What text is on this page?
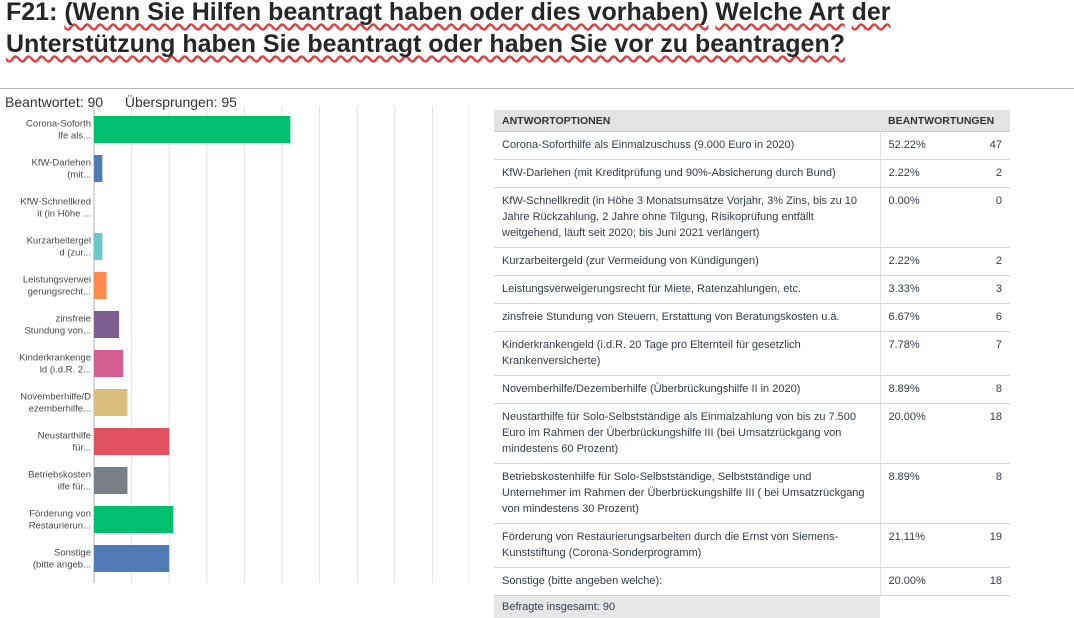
F21: (Wenn Sie Hilfen beantragt haben oder dies vorhaben) Welche Art der Unterstützung haben Sie beantragt oder haben Sie vor zu beantragen?
Beantwortet: 90 Übersprungen: 95
Corona-Soforth lfe als...
KfW-Darlehen (mit...
KfW-Schnellkred it (in Höhe ...
Kurzarbeitergel d (zur...
Leistungsverwei gerungsrecht...
zinsfreie Stundung von...
Kinderkrankenge ld (i.d.R. 2...
Novemberhilfe/D ezemberhilfe...
Neustarthilfe für...
Betriebskosten ilfe für...
Förderung von Restaurierun...
Sonstige (bitte angeb...
ANTWORTOPTIONEN	BEANTWORTUNGEN	
Corona-Soforthilfe als Einmalzuschuss (9.000 Euro in 2020)	52.22%	47
KfW-Darlehen (mit Kreditprüfung und 90%-Absicherung durch Bund)	2.22%	2
KfW-Schnellkredit (in Höhe 3 Monatsumsätze Vorjahr, 3% Zins, bis zu 10 Jahre Rückzahlung, 2 Jahre ohne Tilgung, Risikoprüfung entfällt weitgehend, läuft seit 2020; bis Juni 2021 verlängert)	0.00%	0
Kurzarbeitergeld (zur Vermeidung von Kündigungen)	2.22%	2
Leistungsverweigerungsrecht für Miete, Ratenzahlungen, etc.	3.33%	3
zinsfreie Stundung von Steuern, Erstattung von Beratungskosten u.ä.	6.67%	6
Kinderkrankengeld (i.d.R. 20 Tage pro Elternteil für gesetzlich Krankenversicherte)	7.78%	7
Novemberhilfe/Dezemberhilfe (Überbrückungshilfe II in 2020)	8.89%	8
Neustarthilfe für Solo-Selbstständige als Einmalzahlung von bis zu 7.500 Euro im Rahmen der Überbrückungshilfe III (bei Umsatzrückgang von mindestens 60 Prozent)	20.00%	18
Betriebskostenhilfe für Solo-Selbstständige, Selbstständige und Unternehmer im Rahmen der Überbrückungshilfe III ( bei Umsatzrückgang von mindestens 30 Prozent)	8.89%	8
Förderung von Restaurierungsarbeiten durch die Ernst von Siemens-Kunststiftung (Corona-Sonderprogramm)	21.11%	19
Sonstige (bitte angeben welche):	20.00%	18
Befragte insgesamt: 90		
